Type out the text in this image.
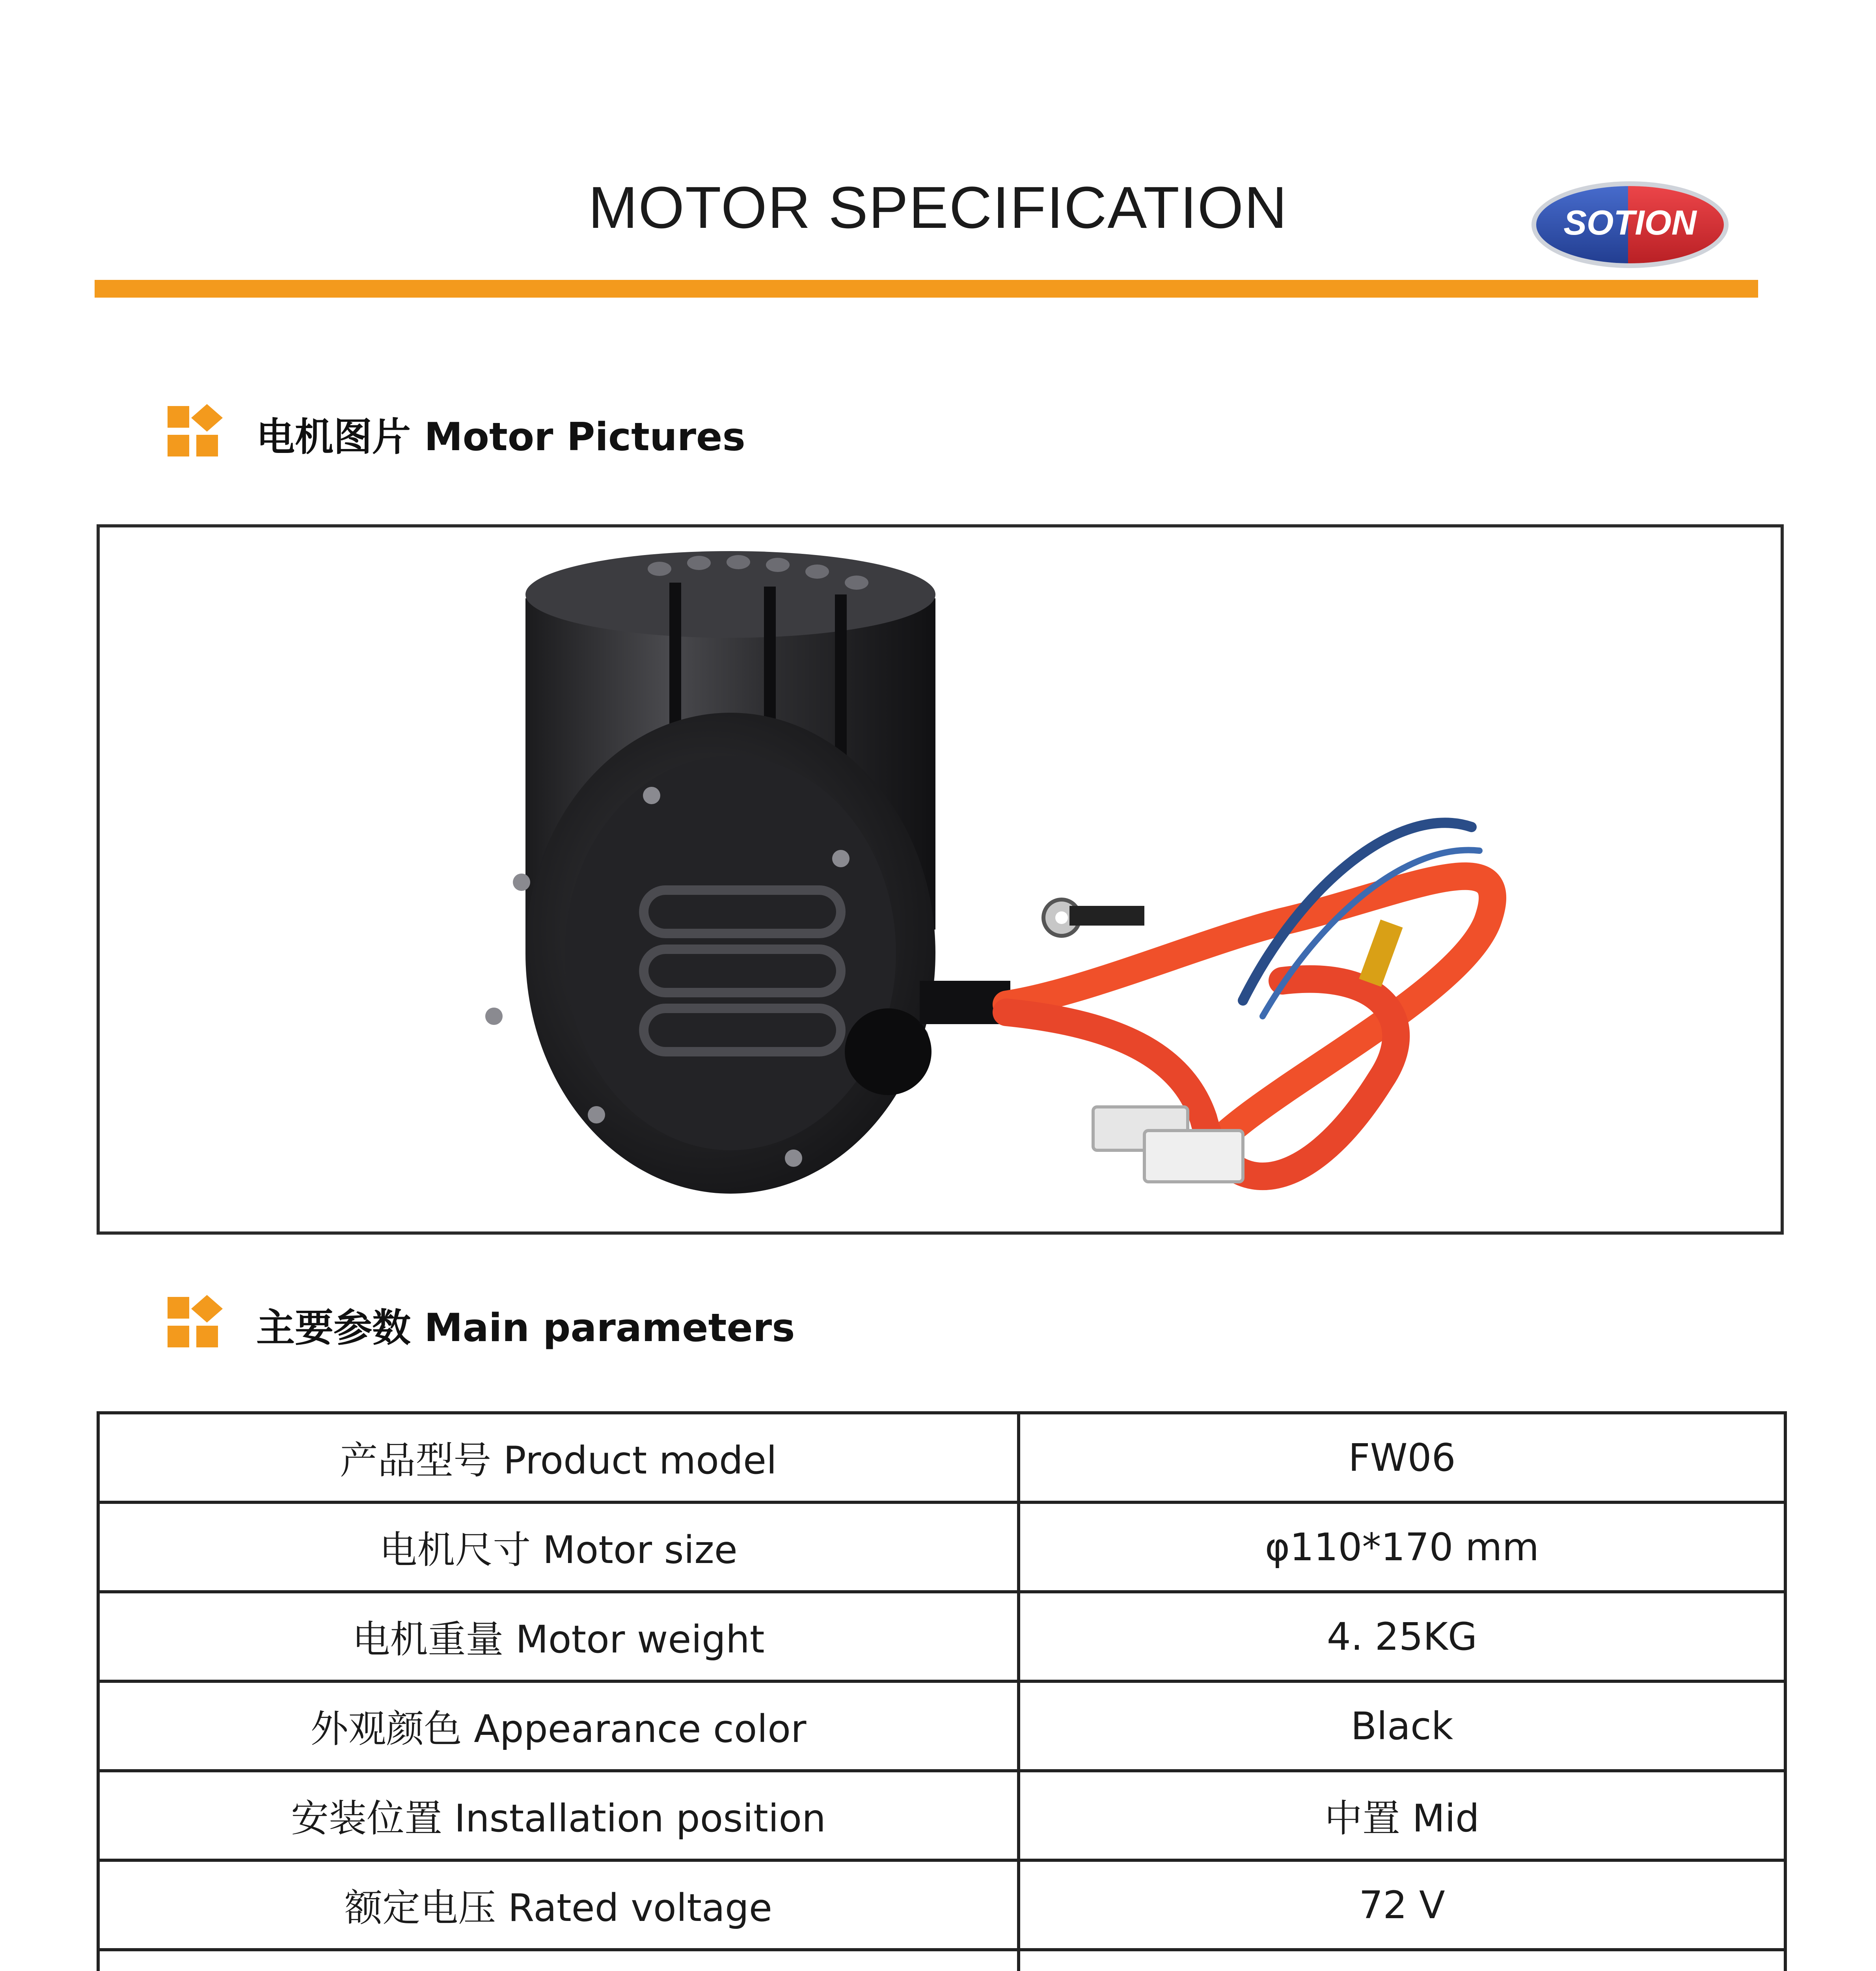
MOTOR SPECIFICATION	SOTION
电机图片 Motor Pictures
主要参数 Main parameters
产品型号 Product model	FW06
电机尺寸 Motor size	φ110*170 mm
电机重量 Motor weight	4. 25KG
外观颜色 Appearance color	Black
安装位置 Installation position	中置 Mid
额定电压 Rated voltage	72 V
